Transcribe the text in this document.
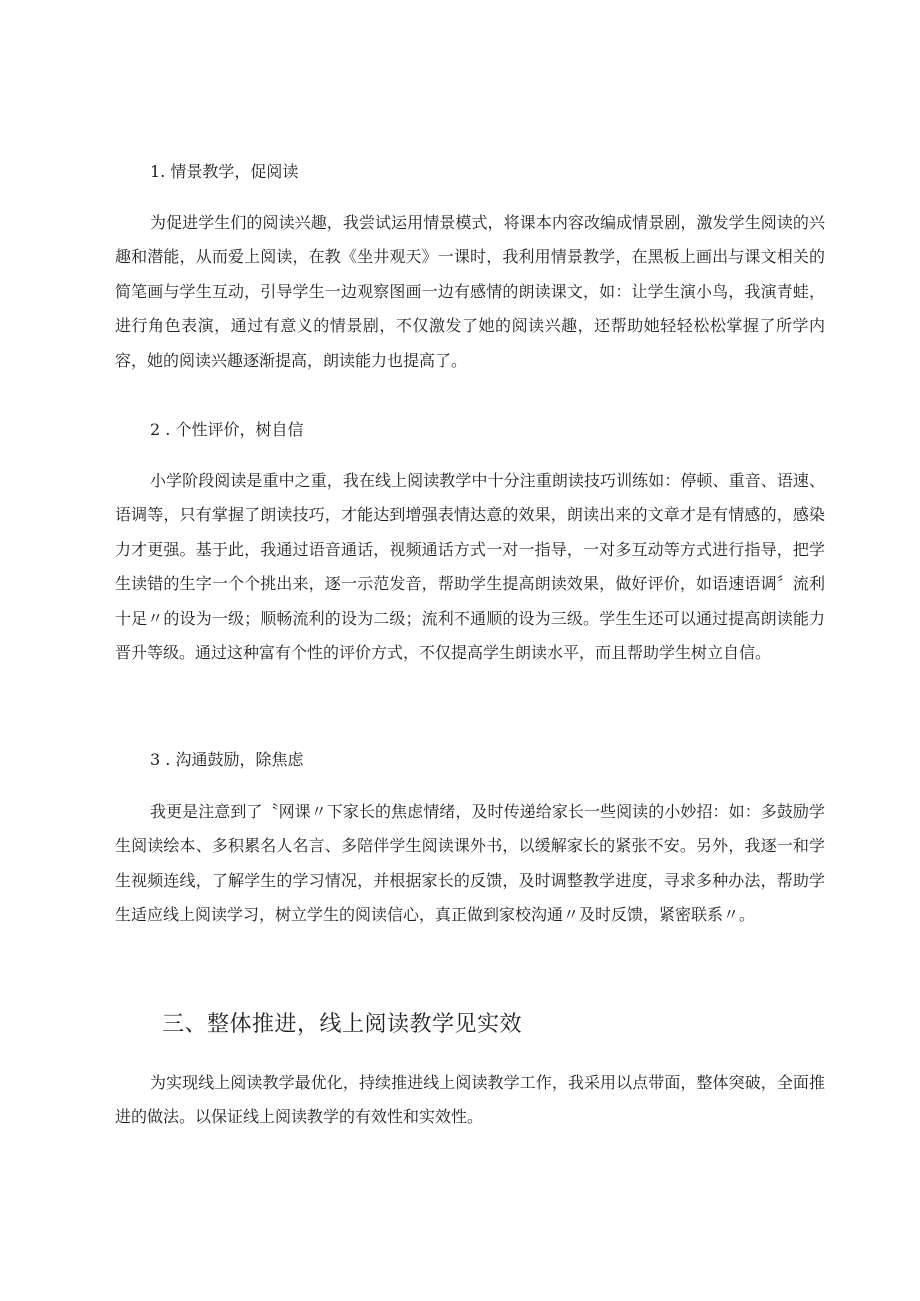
1. 情景教学，促阅读
为促进学生们的阅读兴趣，我尝试运用情景模式，将课本内容改编成情景剧，激发学生阅读的兴趣和潜能，从而爱上阅读，在教《坐井观天》一课时，我利用情景教学，在黑板上画出与课文相关的简笔画与学生互动，引导学生一边观察图画一边有感情的朗读课文，如：让学生演小鸟，我演青蛙，进行角色表演，通过有意义的情景剧，不仅激发了她的阅读兴趣，还帮助她轻轻松松掌握了所学内容，她的阅读兴趣逐渐提高，朗读能力也提高了。
2 . 个性评价，树自信
小学阶段阅读是重中之重，我在线上阅读教学中十分注重朗读技巧训练如：停顿、重音、语速、语调等，只有掌握了朗读技巧，才能达到增强表情达意的效果，朗读出来的文章才是有情感的，感染力才更强。基于此，我通过语音通话，视频通话方式一对一指导，一对多互动等方式进行指导，把学生读错的生字一个个挑出来，逐一示范发音，帮助学生提高朗读效果，做好评价，如语速语调〞流利十足〃的设为一级；顺畅流利的设为二级；流利不通顺的设为三级。学生生还可以通过提高朗读能力晋升等级。通过这种富有个性的评价方式，不仅提高学生朗读水平，而且帮助学生树立自信。
3 . 沟通鼓励，除焦虑
我更是注意到了〝网课〃下家长的焦虑情绪，及时传递给家长一些阅读的小妙招：如：多鼓励学生阅读绘本、多积累名人名言、多陪伴学生阅读课外书，以缓解家长的紧张不安。另外，我逐一和学生视频连线，了解学生的学习情况，并根据家长的反馈，及时调整教学进度，寻求多种办法，帮助学生适应线上阅读学习，树立学生的阅读信心，真正做到家校沟通〃及时反馈，紧密联系〃。
三、整体推进，线上阅读教学见实效
为实现线上阅读教学最优化，持续推进线上阅读教学工作，我采用以点带面，整体突破，全面推进的做法。以保证线上阅读教学的有效性和实效性。
